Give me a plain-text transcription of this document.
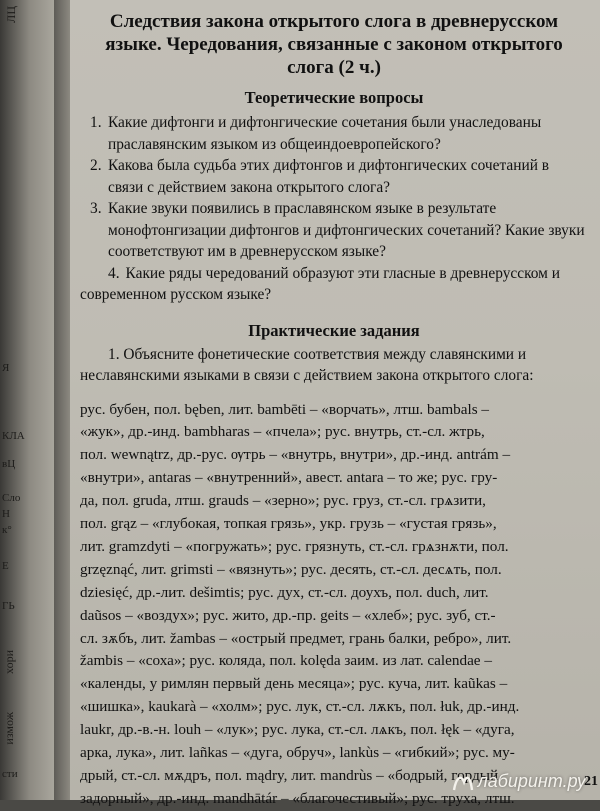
ЛЦ
Я
КЛА
вЦ
Сло
Н
к°
Е
ГЬ
хори
измож
сти
Следствия закона открытого слога в древнерусском языке. Чередования, связанные с законом открытого слога (2 ч.)
Теоретические вопросы
1. Какие дифтонги и дифтонгические сочетания были унаследованы праславянским языком из общеиндоевропейского?
2. Какова была судьба этих дифтонгов и дифтонгических сочетаний в связи с действием закона открытого слога?
3. Какие звуки появились в праславянском языке в результате монофтонгизации дифтонгов и дифтонгических сочетаний? Какие звуки соответствуют им в древнерусском языке?
4. Какие ряды чередований образуют эти гласные в древнерусском и современном русском языке?
Практические задания

1. Объясните фонетические соответствия между славянскими и неславянскими языками в связи с действием закона открытого слога:

рус. бубен, пол. bęben, лит. bambēti – «ворчать», лтш. bambals –
«жук», др.-инд. bambharas – «пчела»; рус. внутрь, ст.-сл. жтрь,
пол. wewnątrz, др.-рус. ѹтрь – «внутрь, внутри», др.-инд. antrám –
«внутри», antaras – «внутренний», авест. antara – то же; рус. гру-
да, пол. gruda, лтш. grauds – «зерно»; рус. груз, ст.-сл. грѧзити,
пол. grąz – «глубокая, топкая грязь», укр. грузь – «густая грязь»,
лит. gramzdyti – «погружать»; рус. грязнуть, ст.-сл. грѧзнѫти, пол.
grzęznąć, лит. grimsti – «вязнуть»; рус. десять, ст.-сл. десѧть, пол.
dziesięć, др.-лит. dešimtis; рус. дух, ст.-сл. доухъ, пол. duch, лит.
daũsos – «воздух»; рус. жито, др.-пр. geits – «хлеб»; рус. зуб, ст.-
сл. зѫбъ, лит. žambas – «острый предмет, грань балки, ребро», лит.
žambis – «соха»; рус. коляда, пол. kolęda заим. из лат. calendae –
«календы, у римлян первый день месяца»; рус. куча, лит. kaũkas –
«шишка», kaukarà – «холм»; рус. лук, ст.-сл. лѫкъ, пол. łuk, др.-инд.
laukr, др.-в.-н. louh – «лук»; рус. лука, ст.-сл. лѧкъ, пол. łęk – «дуга,
арка, лука», лит. lañkas – «дуга, обруч», lankùs – «гибкий»; рус. му-
дрый, ст.-сл. мѫдръ, пол. mądry, лит. mandrùs – «бодрый, гордый,
задорный», др.-инд. mandhātár – «благочестивый»; рус. труха, лтш.
лабиринт.ру
21
